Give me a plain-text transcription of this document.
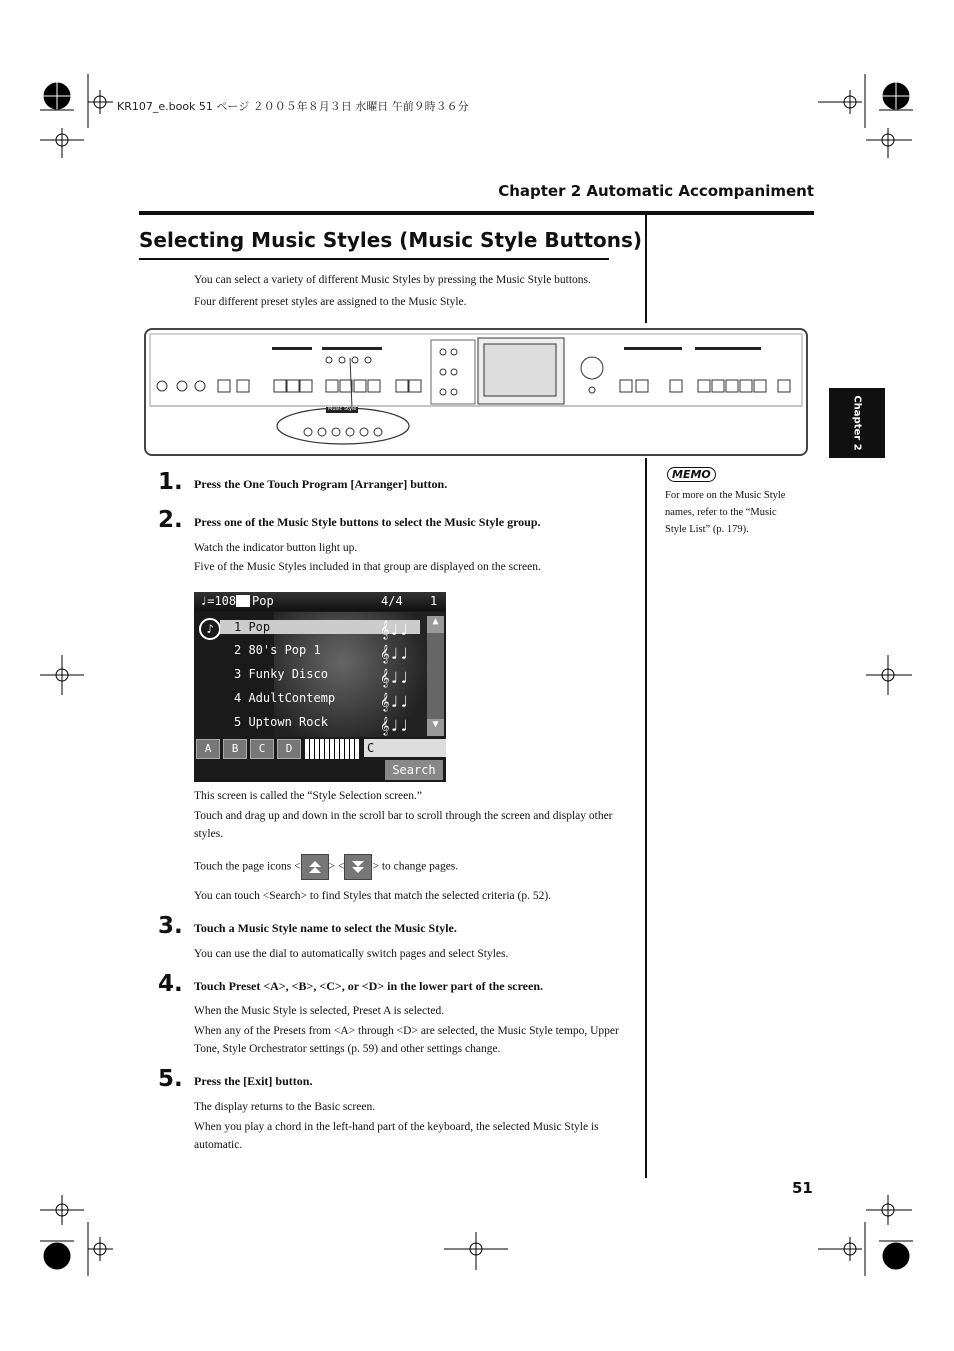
KR107_e.book 51 ページ ２００５年８月３日 水曜日 午前９時３６分
Chapter 2 Automatic Accompaniment
Chapter 2
Selecting Music Styles (Music Style Buttons)
You can select a variety of different Music Styles by pressing the Music Style buttons.
Four different preset styles are assigned to the Music Style.
Music Style
1. Press the One Touch Program [Arranger] button.
2. Press one of the Music Style buttons to select the Music Style group.
Watch the indicator button light up.
Five of the Music Styles included in that group are displayed on the screen.
♩=108 Pop	4/4 1
♪	1 Pop
2 80's Pop 1
3 Funky Disco
4 AdultContemp
5 Uptown Rock
𝄞♩♩
𝄞♩♩
𝄞♩♩
𝄞♩♩
𝄞♩♩
▲
▼
A	B	C	D	C
Search
This screen is called the “Style Selection screen.”
Touch and drag up and down in the scroll bar to scroll through the screen and display other styles.
Touch the page icons < > < > to change pages.
You can touch <Search> to find Styles that match the selected criteria (p. 52).
3. Touch a Music Style name to select the Music Style.
You can use the dial to automatically switch pages and select Styles.
4. Touch Preset <A>, <B>, <C>, or <D> in the lower part of the screen.
When the Music Style is selected, Preset A is selected.
When any of the Presets from <A> through <D> are selected, the Music Style tempo, Upper Tone, Style Orchestrator settings (p. 59) and other settings change.
5. Press the [Exit] button.
The display returns to the Basic screen.
When you play a chord in the left-hand part of the keyboard, the selected Music Style is automatic.
MEMO
For more on the Music Style
names, refer to the “Music
Style List” (p. 179).
51
